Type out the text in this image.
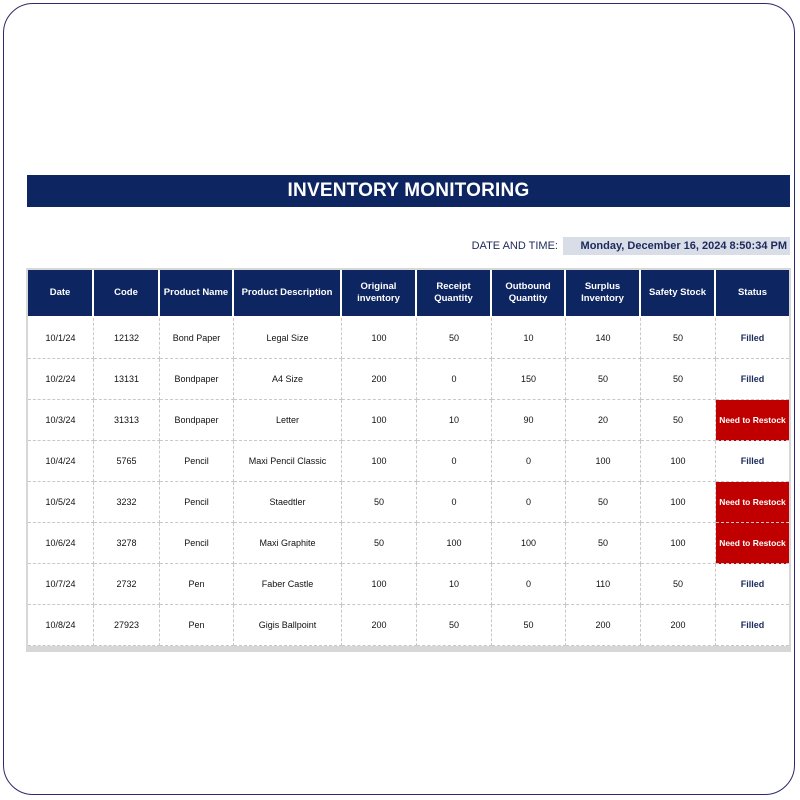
INVENTORY MONITORING
DATE AND TIME:	Monday, December 16, 2024 8:50:34 PM
Date	Code	Product Name	Product Description	Original inventory	Receipt Quantity	Outbound Quantity	Surplus Inventory	Safety Stock	Status
10/1/24	12132	Bond Paper	Legal Size	100	50	10	140	50	Filled
10/2/24	13131	Bondpaper	A4 Size	200	0	150	50	50	Filled
10/3/24	31313	Bondpaper	Letter	100	10	90	20	50	Need to Restock
10/4/24	5765	Pencil	Maxi Pencil Classic	100	0	0	100	100	Filled
10/5/24	3232	Pencil	Staedtler	50	0	0	50	100	Need to Restock
10/6/24	3278	Pencil	Maxi Graphite	50	100	100	50	100	Need to Restock
10/7/24	2732	Pen	Faber Castle	100	10	0	110	50	Filled
10/8/24	27923	Pen	Gigis Ballpoint	200	50	50	200	200	Filled
